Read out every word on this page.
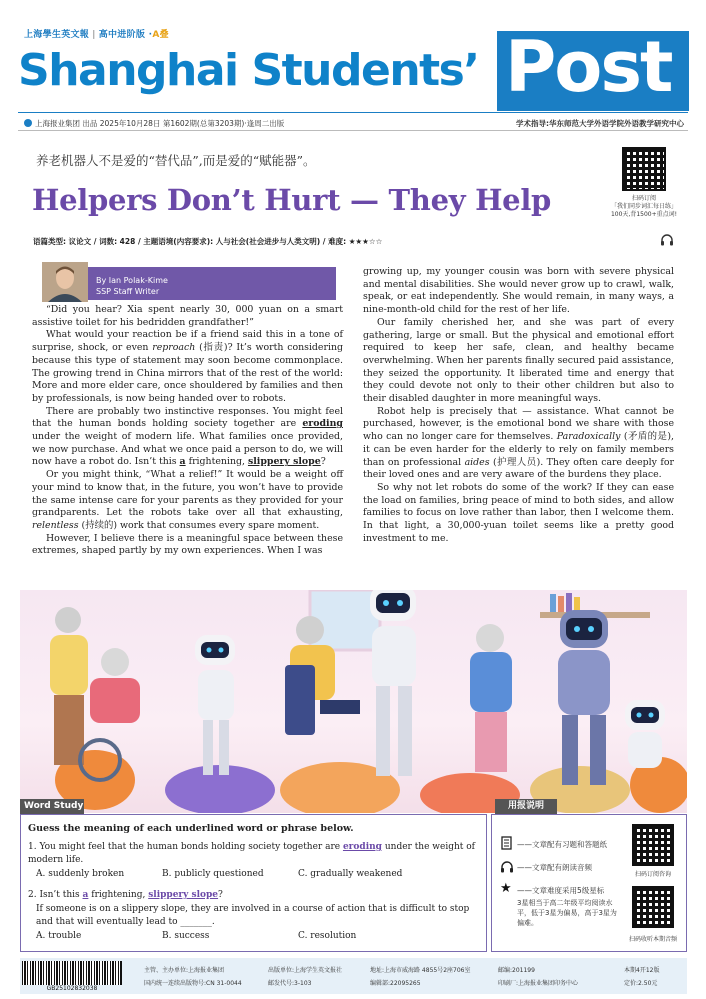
上海學生英文報 | 高中进阶版 ·A叠
Shanghai Students’ Post
上海报业集团 出品 2025年10月28日 第1602期(总第3203期)·逢周二出版	学术指导:华东师范大学外语学院外语教学研究中心
养老机器人不是爱的“替代品”,而是爱的“赋能器”。
Helpers Don’t Hurt — They Help	扫码订阅
「我们同步词汇每日练」
100天,背1500+重点词!
语篇类型: 议论文 / 词数: 428 / 主题语境(内容要求): 人与社会(社会进步与人类文明) / 难度: ★★★☆☆
By Ian Polak-Kime
SSP Staff Writer

“Did you hear? Xia spent nearly 30, 000 yuan on a smart assistive toilet for his bedridden grandfather!”

What would your reaction be if a friend said this in a tone of surprise, shock, or even reproach (指责)? It’s worth considering because this type of statement may soon become commonplace. The growing trend in China mirrors that of the rest of the world: More and more elder care, once shouldered by families and then by professionals, is now being handed over to robots.

There are probably two instinctive responses. You might feel that the human bonds holding society together are eroding under the weight of modern life. What families once provided, we now purchase. And what we once paid a person to do, we will now have a robot do. Isn’t this a frightening, slippery slope?

Or you might think, “What a relief!” It would be a weight off your mind to know that, in the future, you won’t have to provide the same intense care for your parents as they provided for your grandparents. Let the robots take over all that exhausting, relentless (持续的) work that consumes every spare moment.

However, I believe there is a meaningful space between these extremes, shaped partly by my own experiences. When I was

growing up, my younger cousin was born with severe physical and mental disabilities. She would never grow up to crawl, walk, speak, or eat independently. She would remain, in many ways, a nine-month-old child for the rest of her life.

Our family cherished her, and she was part of every gathering, large or small. But the physical and emotional effort required to keep her safe, clean, and healthy became overwhelming. When her parents finally secured paid assistance, they seized the opportunity. It liberated time and energy that they could devote not only to their other children but also to their disabled daughter in more meaningful ways.

Robot help is precisely that — assistance. What cannot be purchased, however, is the emotional bond we share with those who can no longer care for themselves. Paradoxically (矛盾的是), it can be even harder for the elderly to rely on family members than on professional aides (护理人员). They often care deeply for their loved ones and are very aware of the burdens they place.

So why not let robots do some of the work? If they can ease the load on families, bring peace of mind to both sides, and allow families to focus on love rather than labor, then I welcome them. In that light, a 30,000-yuan toilet seems like a pretty good investment to me.

Word Study	用报说明
Guess the meaning of each underlined word or phrase below.
1. You might feel that the human bonds holding society together are eroding under the weight of modern life.
A. suddenly broken	B. publicly questioned	C. gradually weakened
2. Isn’t this a frightening, slippery slope?
If someone is on a slippery slope, they are involved in a course of action that is difficult to stop and that will eventually lead to _______.
A. trouble	B. success	C. resolution
——文章配有习题和答题纸
——文章配有朗读音频
★ ——文章难度采用5级星标
3星相当于高二年级平均阅读水平，低于3星为偏易，高于3星为偏难。
扫码订阅咨询
扫码收听本期音频
GB25102832038
主管、主办单位:上海报业集团
国内统一连续出版物号:CN 31-0044
出版单位:上海学生英文报社
邮发代号:3-103
地址:上海市威海路 4855号2座706室
编辑部:22095265
邮编:201199
印刷厂:上海报业集团印务中心
本期4开12版
定价:2.50元
